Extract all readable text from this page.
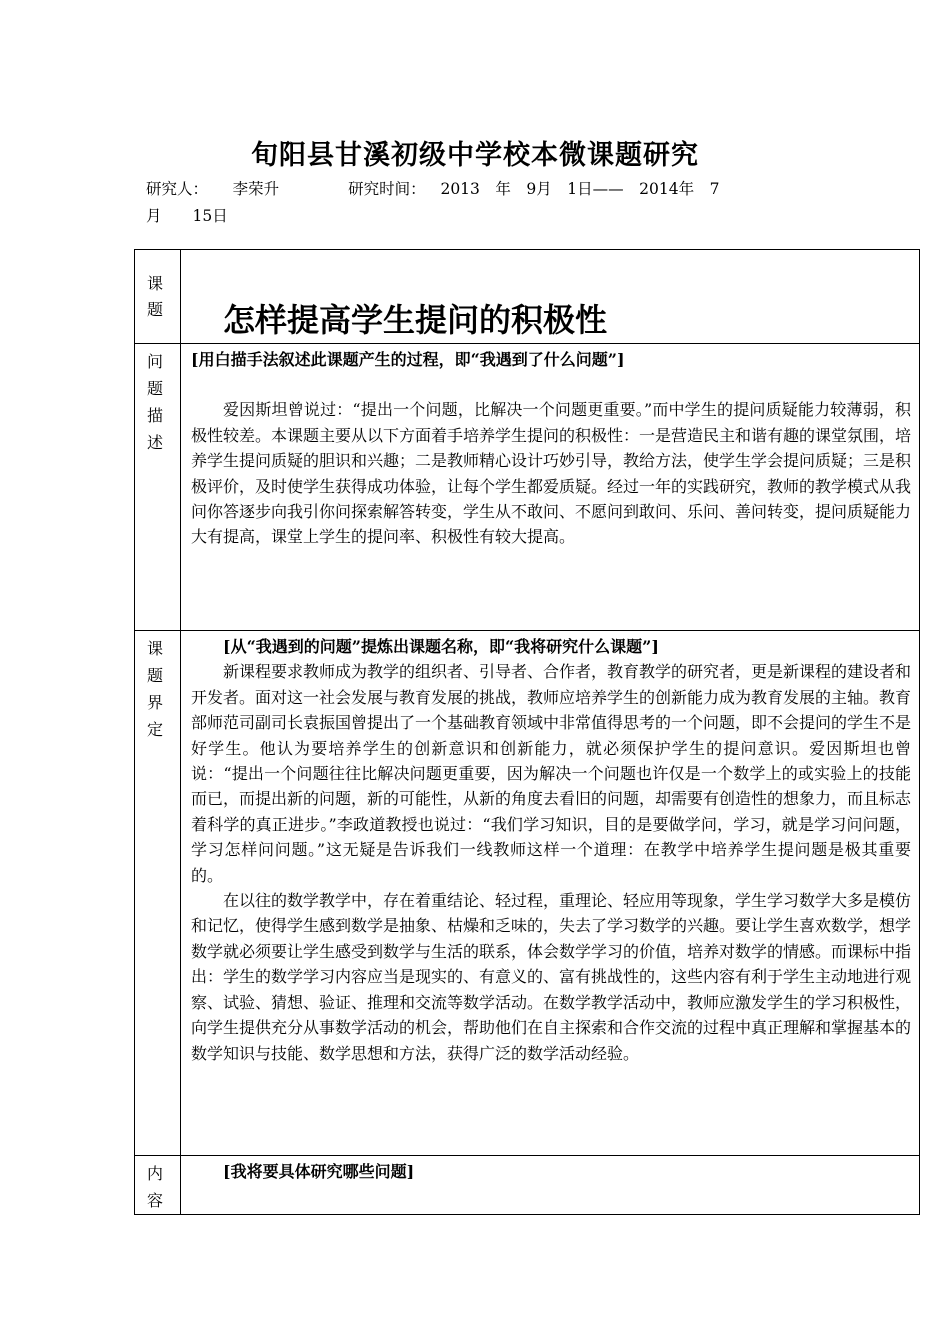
旬阳县甘溪初级中学校本微课题研究
研究人： 李荣升	研究时间： 2013　年　9月　1日——　2014年　7
月　　15日
课题	怎样提高学生提问的积极性

问题描述	[用白描手法叙述此课题产生的过程，即“我遇到了什么问题”]

爱因斯坦曾说过：“提出一个问题，比解决一个问题更重要。”而中学生的提问质疑能力较薄弱，积极性较差。本课题主要从以下方面着手培养学生提问的积极性：一是营造民主和谐有趣的课堂氛围，培养学生提问质疑的胆识和兴趣；二是教师精心设计巧妙引导，教给方法，使学生学会提问质疑；三是积极评价，及时使学生获得成功体验，让每个学生都爱质疑。经过一年的实践研究，教师的教学模式从我问你答逐步向我引你问探索解答转变，学生从不敢问、不愿问到敢问、乐问、善问转变，提问质疑能力大有提高，课堂上学生的提问率、积极性有较大提高。

课题界定	[从“我遇到的问题”提炼出课题名称，即“我将研究什么课题”]

新课程要求教师成为教学的组织者、引导者、合作者，教育教学的研究者，更是新课程的建设者和开发者。面对这一社会发展与教育发展的挑战，教师应培养学生的创新能力成为教育发展的主轴。教育部师范司副司长袁振国曾提出了一个基础教育领域中非常值得思考的一个问题，即不会提问的学生不是好学生。他认为要培养学生的创新意识和创新能力，就必须保护学生的提问意识。爱因斯坦也曾说：“提出一个问题往往比解决问题更重要，因为解决一个问题也许仅是一个数学上的或实验上的技能而已，而提出新的问题，新的可能性，从新的角度去看旧的问题，却需要有创造性的想象力，而且标志着科学的真正进步。”李政道教授也说过：“我们学习知识，目的是要做学问，学习，就是学习问问题，学习怎样问问题。”这无疑是告诉我们一线教师这样一个道理：在教学中培养学生提问题是极其重要的。

在以往的数学教学中，存在着重结论、轻过程，重理论、轻应用等现象，学生学习数学大多是模仿和记忆，使得学生感到数学是抽象、枯燥和乏味的，失去了学习数学的兴趣。要让学生喜欢数学，想学数学就必须要让学生感受到数学与生活的联系，体会数学学习的价值，培养对数学的情感。而课标中指出：学生的数学学习内容应当是现实的、有意义的、富有挑战性的，这些内容有利于学生主动地进行观察、试验、猜想、验证、推理和交流等数学活动。在数学教学活动中，教师应激发学生的学习积极性，向学生提供充分从事数学活动的机会，帮助他们在自主探索和合作交流的过程中真正理解和掌握基本的数学知识与技能、数学思想和方法，获得广泛的数学活动经验。

内容	[我将要具体研究哪些问题]
